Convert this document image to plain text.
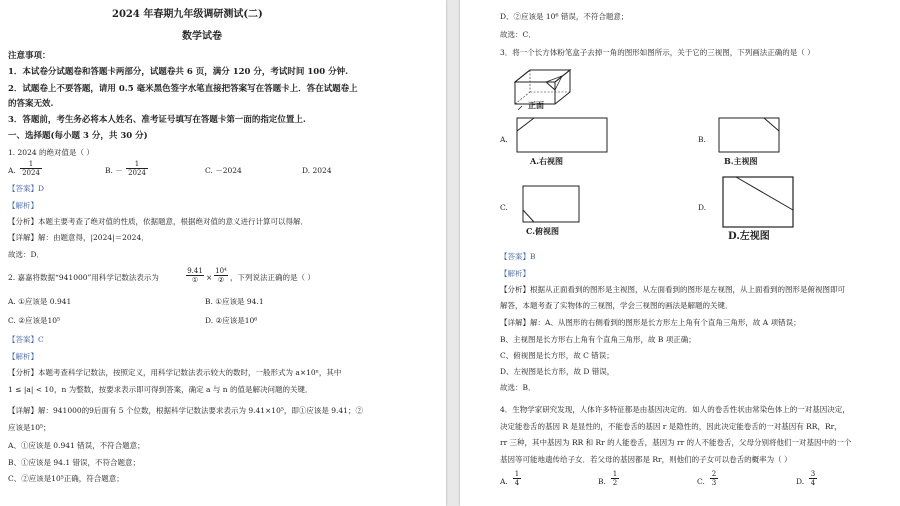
2024 年春期九年级调研测试(二)
数学试卷
注意事项：
1．本试卷分试题卷和答题卡两部分，试题卷共 6 页，满分 120 分，考试时间 100 分钟.
2．试题卷上不要答题，请用 0.5 毫米黑色签字水笔直接把答案写在答题卡上．答在试题卷上
的答案无效.
3．答题前，考生务必将本人姓名、准考证号填写在答题卡第一面的指定位置上.
一、选择题(每小题 3 分，共 30 分)
1. 2024 的绝对值是（ ）
A. $\frac{1}{2024}$	B. － $\frac{1}{2024}$	C. －2024	D. 2024
【答案】D
【解析】
【分析】本题主要考查了绝对值的性质，依据题意，根据绝对值的意义进行计算可以得解．
【详解】解：由题意得，|2024|＝2024．
故选：D．
2. 嘉嘉将数据“941000”用科学记数法表示为
9.41
①	×
10⁴
② ，下列说法正确的是（ ）
A. ①应该是 0.941	B. ①应该是 94.1
C. ②应该是10⁵	D. ②应该是10⁶
【答案】C
【解析】
【分析】本题考查科学记数法，按照定义，用科学记数法表示较大的数时，一般形式为 a×10ⁿ，其中
1 ≤ |a| < 10，n 为整数，按要求表示即可得到答案，确定 a 与 n 的值是解决问题的关键．
【详解】解：941000的9后面有 5 个位数，根据科学记数法要求表示为 9.41×10⁵，即①应该是 9.41；②
应该是10⁵；
A、①应该是 0.941 错误，不符合题意；
B、①应该是 94.1 错误，不符合题意；
C、②应该是10⁵正确，符合题意；
D、②应该是 10⁶ 错误，不符合题意；
故选：C．
3．将一个长方体粉笔盒子去掉一角的图形如图所示，关于它的三视图，下列画法正确的是（ ）
正面
A.
A.右视图
B.
B.主视图
C.
C.俯视图
D.
D.左视图
【答案】B
【解析】
【分析】根据从正面看到的图形是主视图，从左面看到的图形是左视图，从上面看到的图形是俯视图即可
解答，本题考查了实物体的三视图，学会三视图的画法是解题的关键．
【详解】解：A、从图形的右侧看到的图形是长方形左上角有个直角三角形，故 A 项错误；
B、主视图是长方形右上角有个直角三角形，故 B 项正确；
C、俯视图是长方形，故 C 错误；
D、左视图是长方形，故 D 错误，
故选：B．
4．生物学家研究发现，人体许多特征都是由基因决定的．如人的卷舌性状由常染色体上的一对基因决定，
决定能卷舌的基因 R 是显性的，不能卷舌的基因 r 是隐性的，因此决定能卷舌的一对基因有 RR，Rr，
rr 三种，其中基因为 RR 和 Rr 的人能卷舌，基因为 rr 的人不能卷舌，父母分别将他们一对基因中的一个
基因等可能地遗传给子女．若父母的基因都是 Rr，则他们的子女可以卷舌的概率为（ ）
A. $\frac{1}{4}$	B. $\frac{1}{2}$	C. $\frac{2}{3}$	D. $\frac{3}{4}$
